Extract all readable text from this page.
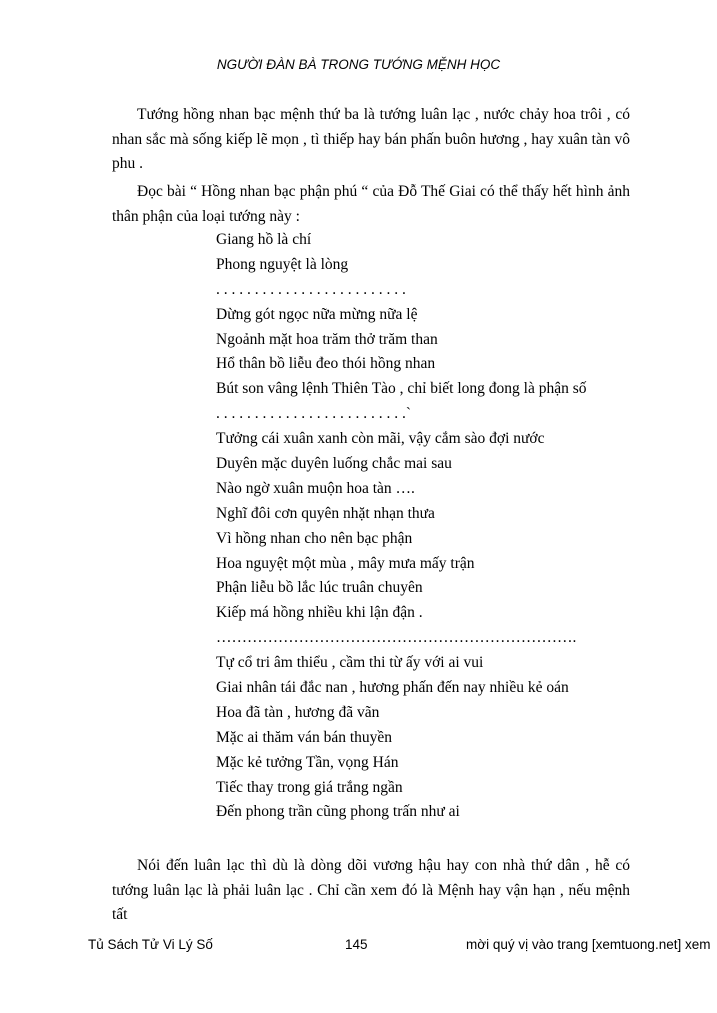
NGƯỜI ĐÀN BÀ TRONG TƯỚNG MỆNH HỌC
Tướng hồng nhan bạc mệnh thứ ba là tướng luân lạc , nước chảy hoa trôi , có nhan sắc mà sống kiếp lẽ mọn , tì thiếp hay bán phấn buôn hương , hay xuân tàn vô phu .
Đọc bài “ Hồng nhan bạc phận phú “ của Đỗ Thế Giai có thể thấy hết hình ảnh thân phận của loại tướng này :
Giang hồ là chí
Phong nguyệt là lòng
. . . . . . . . . . . . . . . . . . . . . . . . .
Dừng gót ngọc nữa mừng nữa lệ
Ngoảnh mặt hoa trăm thở trăm than
Hổ thân bồ liễu đeo thói hồng nhan
Bút son vâng lệnh Thiên Tào , chỉ biết long đong là phận số
. . . . . . . . . . . . . . . . . . . . . . . . .`
Tưởng cái xuân xanh còn mãi, vậy cắm sào đợi nước
Duyên mặc duyên luống chắc mai sau
Nào ngờ xuân muộn hoa tàn ….
Nghĩ đôi cơn quyên nhặt nhạn thưa
Vì hồng nhan cho nên bạc phận
Hoa nguyệt một mùa , mây mưa mấy trận
Phận liễu bồ lắc lúc truân chuyên
Kiếp má hồng nhiều khi lận đận .
…………………………………………………………….
Tự cổ tri âm thiểu , cầm thi từ ấy với ai vui
Giai nhân tái đắc nan , hương phấn đến nay nhiều kẻ oán
Hoa đã tàn , hương đã vãn
Mặc ai thăm ván bán thuyền
Mặc kẻ tưởng Tần, vọng Hán
Tiếc thay trong giá trắng ngần
Đến phong trần cũng phong trấn như ai
Nói đến luân lạc thì dù là dòng dõi vương hậu hay con nhà thứ dân , hễ có tướng luân lạc là phải luân lạc . Chỉ cần xem đó là Mệnh hay vận hạn , nếu mệnh tất
Tủ Sách Tử Vi Lý Số	145	mời quý vị vào trang [xemtuong.net] xem
